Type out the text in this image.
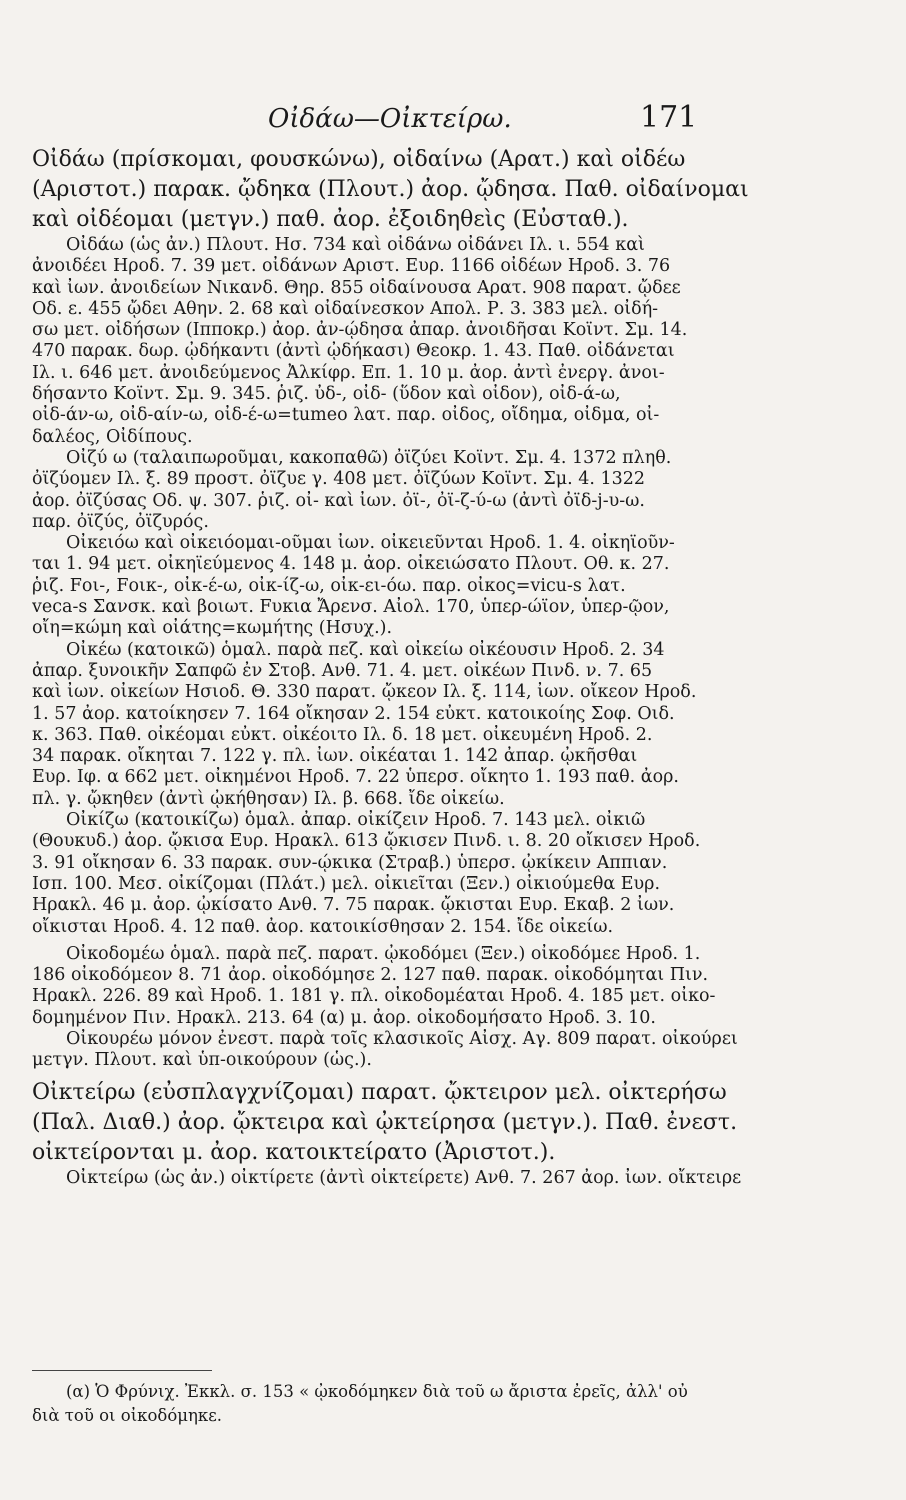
Οἰδάω—Οἰκτείρω.	171
Οἰδάω (πρίσκομαι, φουσκώνω), οἰδαίνω (Αρατ.) καὶ οἰδέω
(Αριστοτ.) παρακ. ᾤδηκα (Πλουτ.) ἀορ. ᾤδησα. Παθ. οἰδαίνομαι
καὶ οἰδέομαι (μετγν.) παθ. ἀορ. ἐξοιδηθεὶς (Εὐσταθ.).
Οἰδάω (ὡς ἀν.) Πλουτ. Ησ. 734 καὶ οἰδάνω οἰδάνει Ιλ. ι. 554 καὶ
ἀνοιδέει Ηροδ. 7. 39 μετ. οἰδάνων Αριστ. Ευρ. 1166 οἰδέων Ηροδ. 3. 76
καὶ ἰων. ἀνοιδείων Νικανδ. Θηρ. 855 οἰδαίνουσα Αρατ. 908 παρατ. ᾤδεε
Οδ. ε. 455 ᾤδει Αθην. 2. 68 καὶ οἰδαίνεσκον Απολ. Ρ. 3. 383 μελ. οἰδή-
σω μετ. οἰδήσων (Ιπποκρ.) ἀορ. ἀν-ῴδησα ἀπαρ. ἀνοιδῆσαι Κοϊντ. Σμ. 14.
470 παρακ. δωρ. ᾠδήκαντι (ἀντὶ ᾠδήκασι) Θεοκρ. 1. 43. Παθ. οἰδάνεται
Ιλ. ι. 646 μετ. ἀνοιδεύμενος Ἀλκίφρ. Επ. 1. 10 μ. ἀορ. ἀντὶ ἐνεργ. ἀνοι-
δήσαντο Κοϊντ. Σμ. 9. 345. ῥιζ. ὐδ-, οἰδ- (ὕδον καὶ οἶδον), οἰδ-ά-ω,
οἰδ-άν-ω, οἰδ-αίν-ω, οἰδ-έ-ω=tumeo λατ. παρ. οἶδος, οἴδημα, οἶδμα, οἰ-
δαλέος, Οἰδίπους.
Οἰζύ ω (ταλαιπωροῦμαι, κακοπαθῶ) ὀϊζύει Κοϊντ. Σμ. 4. 1372 πληθ.
ὀϊζύομεν Ιλ. ξ. 89 προστ. ὀΐζυε γ. 408 μετ. ὀϊζύων Κοϊντ. Σμ. 4. 1322
ἀορ. ὀϊζύσας Οδ. ψ. 307. ῥιζ. οἰ- καὶ ἰων. ὀϊ-, ὀϊ-ζ-ύ-ω (ἀντὶ ὀϊδ-j-υ-ω.
παρ. ὀϊζύς, ὀϊζυρός.
Οἰκειόω καὶ οἰκειόομαι-οῦμαι ἰων. οἰκειεῦνται Ηροδ. 1. 4. οἰκηϊοῦν-
ται 1. 94 μετ. οἰκηϊεύμενος 4. 148 μ. ἀορ. οἰκειώσατο Πλουτ. Οθ. κ. 27.
ῥιζ. Fοι-, Fοικ-, οἰκ-έ-ω, οἰκ-ίζ-ω, οἰκ-ει-όω. παρ. οἶκος=vicu-s λατ.
veca-s Σανσκ. καὶ βοιωτ. Fυκια Ἄρενσ. Αἰολ. 170, ὑπερ-ώϊον, ὑπερ-ῷον,
οἴη=κώμη καὶ οἰάτης=κωμήτης (Ησυχ.).
Οἰκέω (κατοικῶ) ὁμαλ. παρὰ πεζ. καὶ οἰκείω οἰκέουσιν Ηροδ. 2. 34
ἀπαρ. ξυνοικῆν Σαπφῶ ἐν Στοβ. Ανθ. 71. 4. μετ. οἰκέων Πινδ. ν. 7. 65
καὶ ἰων. οἰκείων Ησιοδ. Θ. 330 παρατ. ᾤκεον Ιλ. ξ. 114, ἰων. οἴκεον Ηροδ.
1. 57 ἀορ. κατοίκησεν 7. 164 οἴκησαν 2. 154 εὐκτ. κατοικοίης Σοφ. Οιδ.
κ. 363. Παθ. οἰκέομαι εὐκτ. οἰκέοιτο Ιλ. δ. 18 μετ. οἰκευμένη Ηροδ. 2.
34 παρακ. οἴκηται 7. 122 γ. πλ. ἰων. οἰκέαται 1. 142 ἀπαρ. ᾠκῆσθαι
Ευρ. Ιφ. α 662 μετ. οἰκημένοι Ηροδ. 7. 22 ὑπερσ. οἴκητο 1. 193 παθ. ἀορ.
πλ. γ. ᾤκηθεν (ἀντὶ ᾠκήθησαν) Ιλ. β. 668. ἴδε οἰκείω.
Οἰκίζω (κατοικίζω) ὁμαλ. ἀπαρ. οἰκίζειν Ηροδ. 7. 143 μελ. οἰκιῶ
(Θουκυδ.) ἀορ. ᾤκισα Ευρ. Ηρακλ. 613 ᾤκισεν Πινδ. ι. 8. 20 οἴκισεν Ηροδ.
3. 91 οἴκησαν 6. 33 παρακ. συν-ῴκικα (Στραβ.) ὑπερσ. ᾠκίκειν Αππιαν.
Ισπ. 100. Μεσ. οἰκίζομαι (Πλάτ.) μελ. οἰκιεῖται (Ξεν.) οἰκιούμεθα Ευρ.
Ηρακλ. 46 μ. ἀορ. ᾠκίσατο Ανθ. 7. 75 παρακ. ᾤκισται Ευρ. Εκαβ. 2 ἰων.
οἴκισται Ηροδ. 4. 12 παθ. ἀορ. κατοικίσθησαν 2. 154. ἴδε οἰκείω.
Οἰκοδομέω ὁμαλ. παρὰ πεζ. παρατ. ᾠκοδόμει (Ξεν.) οἰκοδόμεε Ηροδ. 1.
186 οἰκοδόμεον 8. 71 ἀορ. οἰκοδόμησε 2. 127 παθ. παρακ. οἰκοδόμηται Πιν.
Ηρακλ. 226. 89 καὶ Ηροδ. 1. 181 γ. πλ. οἰκοδομέαται Ηροδ. 4. 185 μετ. οἰκο-
δομημένον Πιν. Ηρακλ. 213. 64 (α) μ. ἀορ. οἰκοδομήσατο Ηροδ. 3. 10.
Οἰκουρέω μόνον ἐνεστ. παρὰ τοῖς κλασικοῖς Αἰσχ. Αγ. 809 παρατ. οἰκούρει
μετγν. Πλουτ. καὶ ὑπ-οικούρουν (ὡς.).
Οἰκτείρω (εὐσπλαγχνίζομαι) παρατ. ᾤκτειρον μελ. οἰκτερήσω
(Παλ. Διαθ.) ἀορ. ᾤκτειρα καὶ ᾠκτείρησα (μετγν.). Παθ. ἐνεστ.
οἰκτείρονται μ. ἀορ. κατοικτείρατο (Ἀριστοτ.).
Οἰκτείρω (ὡς ἀν.) οἰκτίρετε (ἀντὶ οἰκτείρετε) Ανθ. 7. 267 ἀορ. ἰων. οἴκτειρε
(α) Ὁ Φρύνιχ. Ἐκκλ. σ. 153 « ᾠκοδόμηκεν διὰ τοῦ ω ἄριστα ἐρεῖς, ἀλλ' οὐ
διὰ τοῦ οι οἰκοδόμηκε.
